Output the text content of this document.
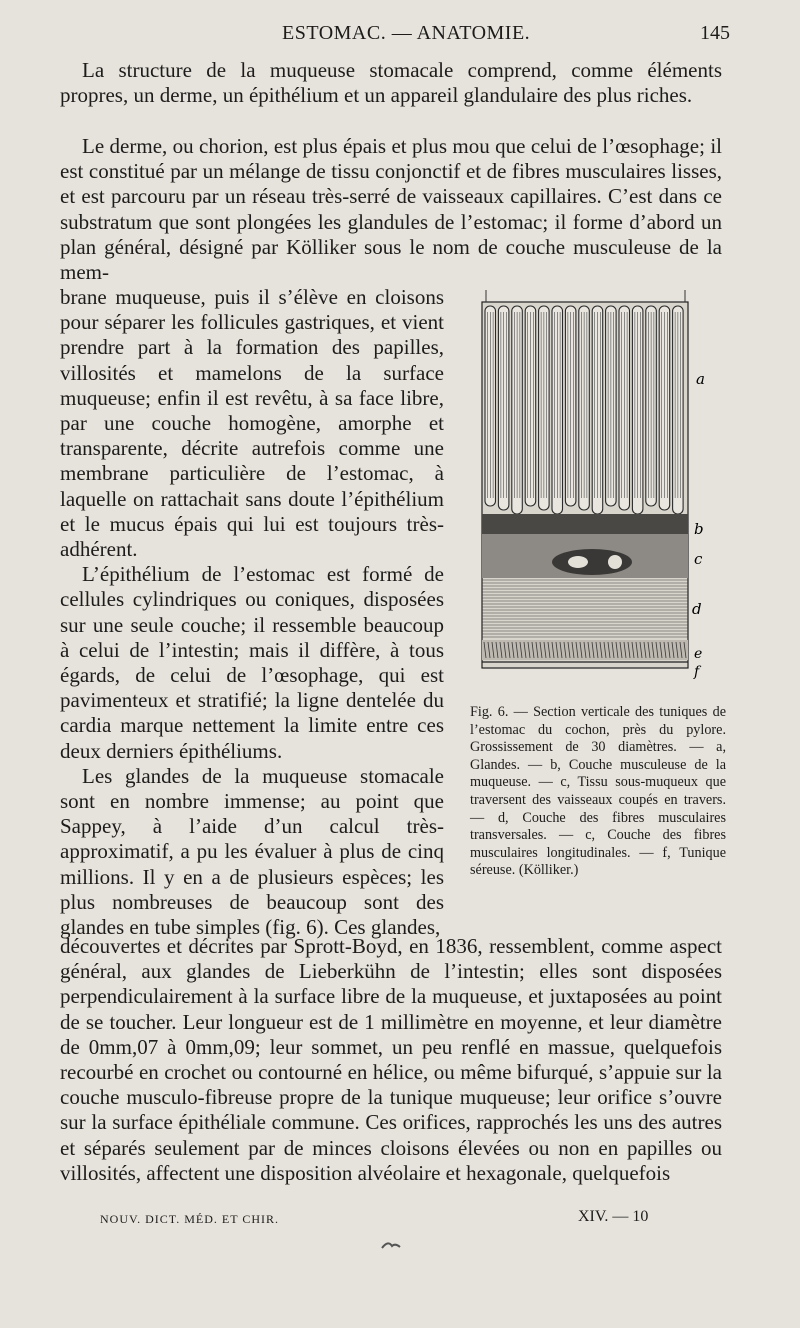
ESTOMAC. — ANATOMIE.	145

La structure de la muqueuse stomacale comprend, comme éléments propres, un derme, un épithélium et un appareil glandulaire des plus riches.

Le derme, ou chorion, est plus épais et plus mou que celui de l’œsophage; il est constitué par un mélange de tissu conjonctif et de fibres musculaires lisses, et est parcouru par un réseau très-serré de vaisseaux capillaires. C’est dans ce substratum que sont plongées les glandules de l’estomac; il forme d’abord un plan général, désigné par Kölliker sous le nom de couche musculeuse de la mem-

brane muqueuse, puis il s’élève en cloisons pour séparer les follicules gastriques, et vient prendre part à la formation des papilles, villosités et mamelons de la surface muqueuse; enfin il est revêtu, à sa face libre, par une couche homogène, amorphe et transparente, décrite autrefois comme une membrane particulière de l’estomac, à laquelle on rattachait sans doute l’épithélium et le mucus épais qui lui est toujours très-adhérent.

L’épithélium de l’estomac est formé de cellules cylindriques ou coniques, disposées sur une seule couche; il ressemble beaucoup à celui de l’intestin; mais il diffère, à tous égards, de celui de l’œsophage, qui est pavimenteux et stratifié; la ligne dentelée du cardia marque nettement la limite entre ces deux derniers épithéliums.

Les glandes de la muqueuse stomacale sont en nombre immense; au point que Sappey, à l’aide d’un calcul très-approximatif, a pu les évaluer à plus de cinq millions. Il y en a de plusieurs espèces; les plus nombreuses de beaucoup sont des glandes en tube simples (fig. 6). Ces glandes,

a
b
c
d
e
f

Fig. 6. — Section verticale des tuniques de l’estomac du cochon, près du pylore. Grossissement de 30 diamètres. — a, Glandes. — b, Couche musculeuse de la muqueuse. — c, Tissu sous-muqueux que traversent des vaisseaux coupés en travers. — d, Couche des fibres musculaires transversales. — c, Couche des fibres musculaires longitudinales. — f, Tunique séreuse. (Kölliker.)

découvertes et décrites par Sprott-Boyd, en 1836, ressemblent, comme aspect général, aux glandes de Lieberkühn de l’intestin; elles sont disposées perpendiculairement à la surface libre de la muqueuse, et juxtaposées au point de se toucher. Leur longueur est de 1 millimètre en moyenne, et leur diamètre de 0mm,07 à 0mm,09; leur sommet, un peu renflé en massue, quelquefois recourbé en crochet ou contourné en hélice, ou même bifurqué, s’appuie sur la couche musculo-fibreuse propre de la tunique muqueuse; leur orifice s’ouvre sur la surface épithéliale commune. Ces orifices, rapprochés les uns des autres et séparés seulement par de minces cloisons élevées ou non en papilles ou villosités, affectent une disposition alvéolaire et hexagonale, quelquefois

NOUV. DICT. MÉD. ET CHIR.	XIV. — 10
